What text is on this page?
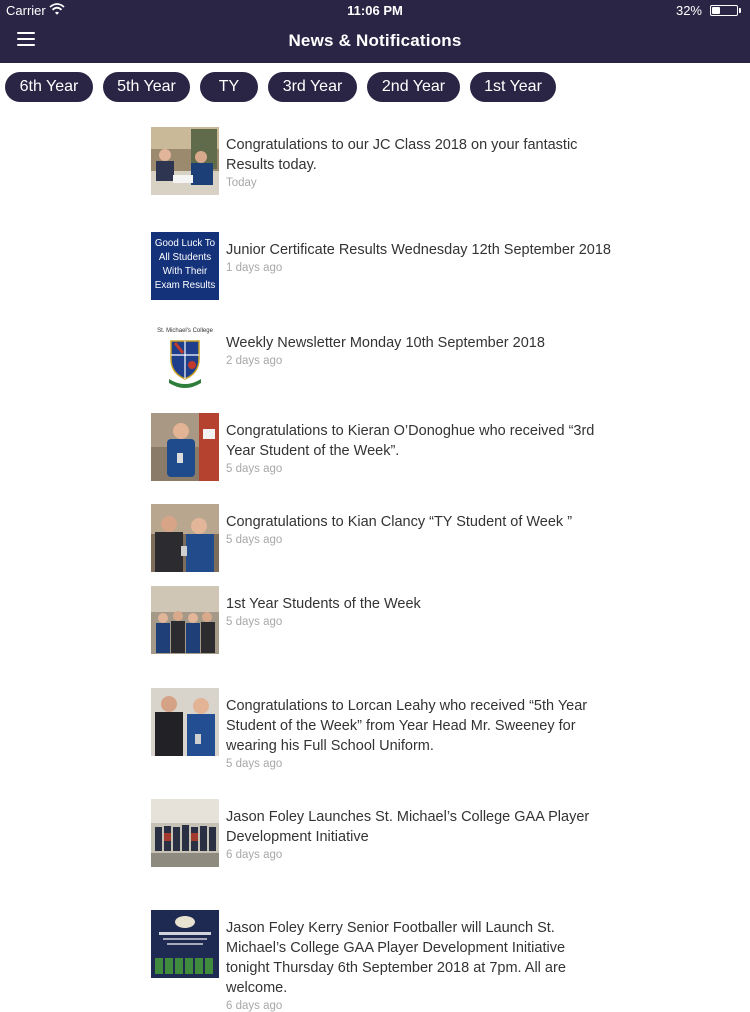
Carrier	11:06 PM	32%
News & Notifications
6th Year	5th Year	TY	3rd Year	2nd Year	1st Year
Congratulations to our JC Class 2018 on your fantastic Results today.
Today
Good Luck To All Students With Their Exam Results
Junior Certificate Results Wednesday 12th September 2018
1 days ago
St. Michael's College
Weekly Newsletter Monday 10th September 2018
2 days ago
Congratulations to Kieran O’Donoghue who received “3rd Year Student of the Week”.
5 days ago
Congratulations to Kian Clancy “TY Student of Week ”
5 days ago
1st Year Students of the Week
5 days ago
Congratulations to Lorcan Leahy who received “5th Year Student of the Week” from Year Head Mr. Sweeney for wearing his Full School Uniform.
5 days ago
Jason Foley Launches St. Michael’s College GAA Player Development Initiative
6 days ago
Jason Foley Kerry Senior Footballer will Launch St. Michael’s College GAA Player Development Initiative tonight Thursday 6th September 2018 at 7pm. All are welcome.
6 days ago
